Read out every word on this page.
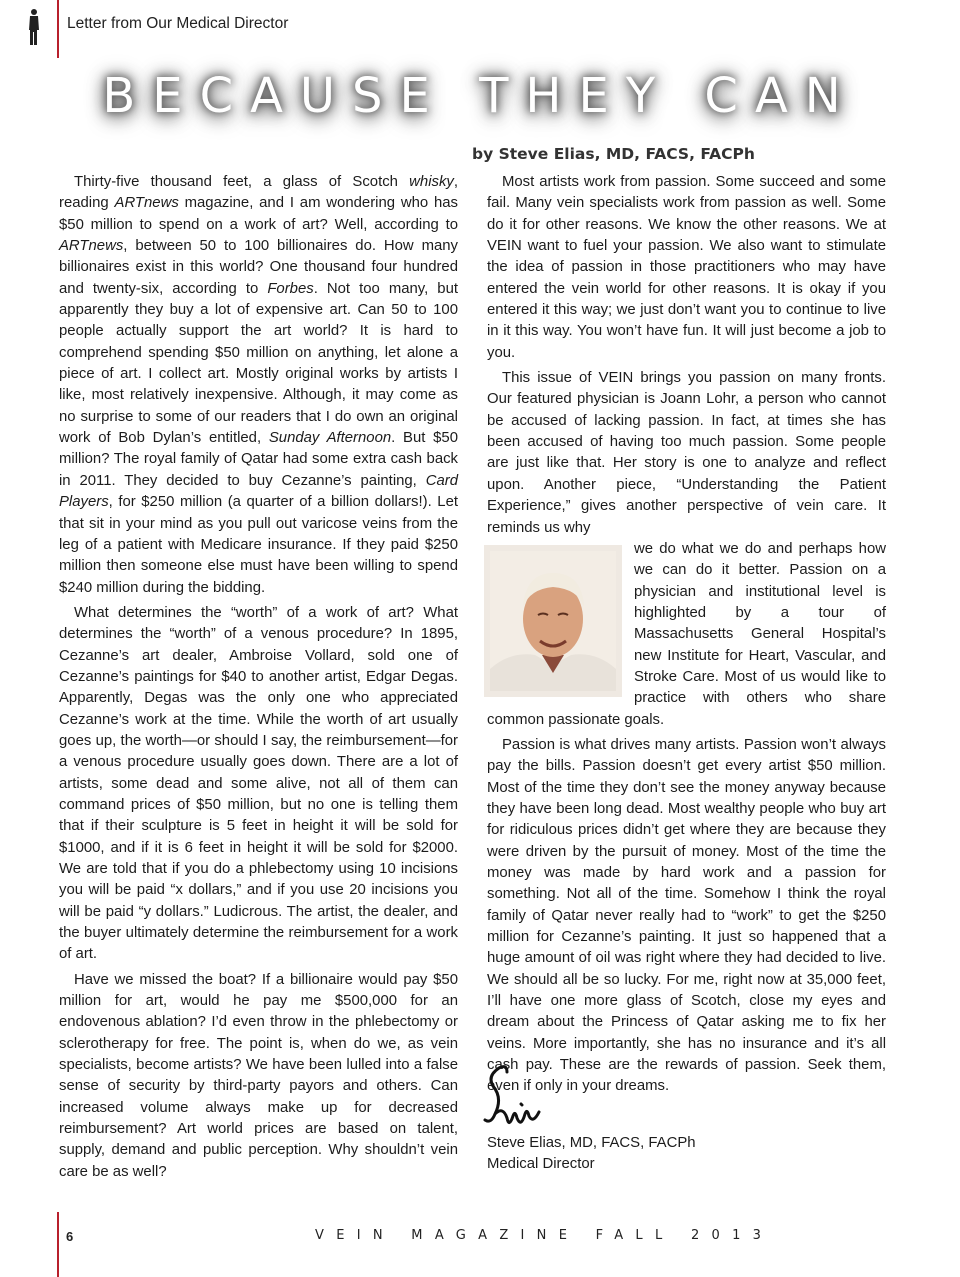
Letter from Our Medical Director
BECAUSE THEY CAN
by Steve Elias, MD, FACS, FACPh

Thirty-five thousand feet, a glass of Scotch whisky, reading ARTnews magazine, and I am wondering who has $50 million to spend on a work of art? Well, according to ARTnews, between 50 to 100 billionaires do. How many billionaires exist in this world? One thousand four hundred and twenty-six, according to Forbes. Not too many, but apparently they buy a lot of expensive art. Can 50 to 100 people actually support the art world? It is hard to comprehend spending $50 million on anything, let alone a piece of art. I collect art. Mostly original works by artists I like, most relatively inexpensive. Although, it may come as no surprise to some of our readers that I do own an original work of Bob Dylan’s entitled, Sunday Afternoon. But $50 million? The royal family of Qatar had some extra cash back in 2011. They decided to buy Cezanne’s painting, Card Players, for $250 million (a quarter of a billion dollars!). Let that sit in your mind as you pull out varicose veins from the leg of a patient with Medicare insurance. If they paid $250 million then someone else must have been willing to spend $240 million during the bidding.

What determines the “worth” of a work of art? What determines the “worth” of a venous procedure? In 1895, Cezanne’s art dealer, Ambroise Vollard, sold one of Cezanne’s paintings for $40 to another artist, Edgar Degas. Apparently, Degas was the only one who appreciated Cezanne’s work at the time. While the worth of art usually goes up, the worth—or should I say, the reimbursement—for a venous procedure usually goes down. There are a lot of artists, some dead and some alive, not all of them can command prices of $50 million, but no one is telling them that if their sculpture is 5 feet in height it will be sold for $1000, and if it is 6 feet in height it will be sold for $2000. We are told that if you do a phlebectomy using 10 incisions you will be paid “x dollars,” and if you use 20 incisions you will be paid “y dollars.” Ludicrous. The artist, the dealer, and the buyer ultimately determine the reimbursement for a work of art.

Have we missed the boat? If a billionaire would pay $50 million for art, would he pay me $500,000 for an endovenous ablation? I’d even throw in the phlebectomy or sclerotherapy for free. The point is, when do we, as vein specialists, become artists? We have been lulled into a false sense of security by third-party payors and others. Can increased volume always make up for decreased reimbursement? Art world prices are based on talent, supply, demand and public perception. Why shouldn’t vein care be as well?

Most artists work from passion. Some succeed and some fail. Many vein specialists work from passion as well. Some do it for other reasons. We know the other reasons. We at VEIN want to fuel your passion. We also want to stimulate the idea of passion in those practitioners who may have entered the vein world for other reasons. It is okay if you entered it this way; we just don’t want you to continue to live in it this way. You won’t have fun. It will just become a job to you.

This issue of VEIN brings you passion on many fronts. Our featured physician is Joann Lohr, a person who cannot be accused of lacking passion. In fact, at times she has been accused of having too much passion. Some people are just like that. Her story is one to analyze and reflect upon. Another piece, “Understanding the Patient Experience,” gives another perspective of vein care. It reminds us why

we do what we do and perhaps how we can do it better. Passion on a physician and institutional level is highlighted by a tour of Massachusetts General Hospital’s new Institute for Heart, Vascular, and Stroke Care. Most of us would like to practice with others who share common passionate goals.

Passion is what drives many artists. Passion won’t always pay the bills. Passion doesn’t get every artist $50 million. Most of the time they don’t see the money anyway because they have been long dead. Most wealthy people who buy art for ridiculous prices didn’t get where they are because they were driven by the pursuit of money. Most of the time the money was made by hard work and a passion for something. Not all of the time. Somehow I think the royal family of Qatar never really had to “work” to get the $250 million for Cezanne’s painting. It just so happened that a huge amount of oil was right where they had decided to live. We should all be so lucky. For me, right now at 35,000 feet, I’ll have one more glass of Scotch, close my eyes and dream about the Princess of Qatar asking me to fix her veins. More importantly, she has no insurance and it’s all cash pay. These are the rewards of passion. Seek them, even if only in your dreams.

Steve Elias, MD, FACS, FACPh
Medical Director
6	VEIN MAGAZINE FALL 2013
